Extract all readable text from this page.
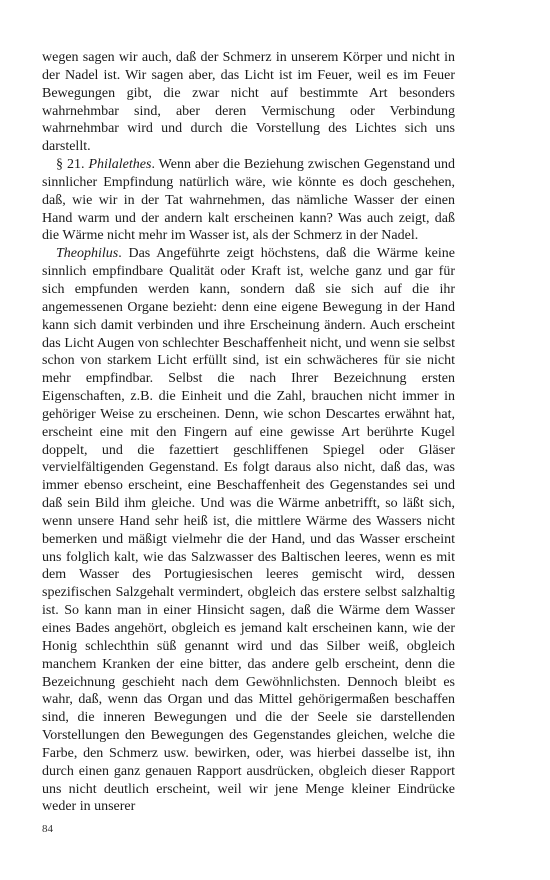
wegen sagen wir auch, daß der Schmerz in unserem Körper und nicht in der Nadel ist. Wir sagen aber, das Licht ist im Feuer, weil es im Feuer Bewegungen gibt, die zwar nicht auf bestimmte Art besonders wahrnehmbar sind, aber deren Vermischung oder Verbindung wahrnehmbar wird und durch die Vorstellung des Lichtes sich uns darstellt.

§ 21. Philalethes. Wenn aber die Beziehung zwischen Gegenstand und sinnlicher Empfindung natürlich wäre, wie könnte es doch geschehen, daß, wie wir in der Tat wahrnehmen, das nämliche Wasser der einen Hand warm und der andern kalt erscheinen kann? Was auch zeigt, daß die Wärme nicht mehr im Wasser ist, als der Schmerz in der Nadel.

Theophilus. Das Angeführte zeigt höchstens, daß die Wärme keine sinnlich empfindbare Qualität oder Kraft ist, welche ganz und gar für sich empfunden werden kann, sondern daß sie sich auf die ihr angemessenen Organe bezieht: denn eine eigene Bewegung in der Hand kann sich damit verbinden und ihre Erscheinung ändern. Auch erscheint das Licht Augen von schlechter Beschaffenheit nicht, und wenn sie selbst schon von starkem Licht erfüllt sind, ist ein schwächeres für sie nicht mehr empfindbar. Selbst die nach Ihrer Bezeichnung ersten Eigenschaften, z.B. die Einheit und die Zahl, brauchen nicht immer in gehöriger Weise zu erscheinen. Denn, wie schon Descartes erwähnt hat, erscheint eine mit den Fingern auf eine gewisse Art berührte Kugel doppelt, und die fazettiert geschliffenen Spiegel oder Gläser vervielfältigenden Gegenstand. Es folgt daraus also nicht, daß das, was immer ebenso erscheint, eine Beschaffenheit des Gegenstandes sei und daß sein Bild ihm gleiche. Und was die Wärme anbetrifft, so läßt sich, wenn unsere Hand sehr heiß ist, die mittlere Wärme des Wassers nicht bemerken und mäßigt vielmehr die der Hand, und das Wasser erscheint uns folglich kalt, wie das Salzwasser des Baltischen leeres, wenn es mit dem Wasser des Portugiesischen leeres gemischt wird, dessen spezifischen Salzgehalt vermindert, obgleich das erstere selbst salzhaltig ist. So kann man in einer Hinsicht sagen, daß die Wärme dem Wasser eines Bades angehört, obgleich es jemand kalt erscheinen kann, wie der Honig schlechthin süß genannt wird und das Silber weiß, obgleich manchem Kranken der eine bitter, das andere gelb erscheint, denn die Bezeichnung geschieht nach dem Gewöhnlichsten. Dennoch bleibt es wahr, daß, wenn das Organ und das Mittel gehörigermaßen beschaffen sind, die inneren Bewegungen und die der Seele sie darstellenden Vorstellungen den Bewegungen des Gegenstandes gleichen, welche die Farbe, den Schmerz usw. bewirken, oder, was hierbei dasselbe ist, ihn durch einen ganz genauen Rapport ausdrücken, obgleich dieser Rapport uns nicht deutlich erscheint, weil wir jene Menge kleiner Eindrücke weder in unserer

84
